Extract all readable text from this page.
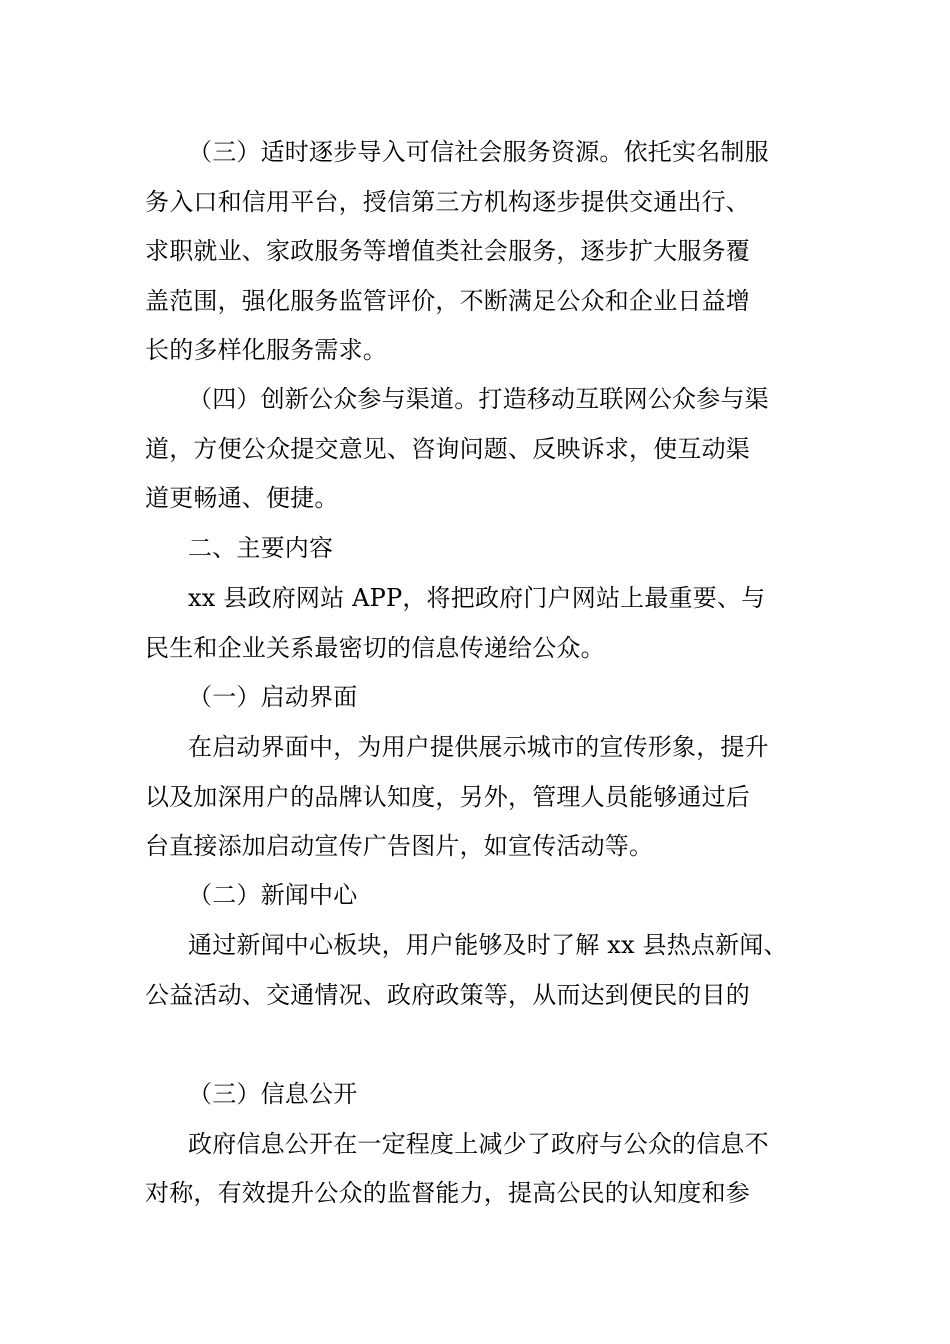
（三）适时逐步导入可信社会服务资源。依托实名制服
务入口和信用平台，授信第三方机构逐步提供交通出行、
求职就业、家政服务等增值类社会服务，逐步扩大服务覆
盖范围，强化服务监管评价，不断满足公众和企业日益增
长的多样化服务需求。
（四）创新公众参与渠道。打造移动互联网公众参与渠
道，方便公众提交意见、咨询问题、反映诉求，使互动渠
道更畅通、便捷。
二、主要内容
xx 县政府网站 APP，将把政府门户网站上最重要、与
民生和企业关系最密切的信息传递给公众。
（一）启动界面
在启动界面中，为用户提供展示城市的宣传形象，提升
以及加深用户的品牌认知度，另外，管理人员能够通过后
台直接添加启动宣传广告图片，如宣传活动等。
（二）新闻中心
通过新闻中心板块，用户能够及时了解 xx 县热点新闻、
公益活动、交通情况、政府政策等，从而达到便民的目的
（三）信息公开
政府信息公开在一定程度上减少了政府与公众的信息不
对称，有效提升公众的监督能力，提高公民的认知度和参
